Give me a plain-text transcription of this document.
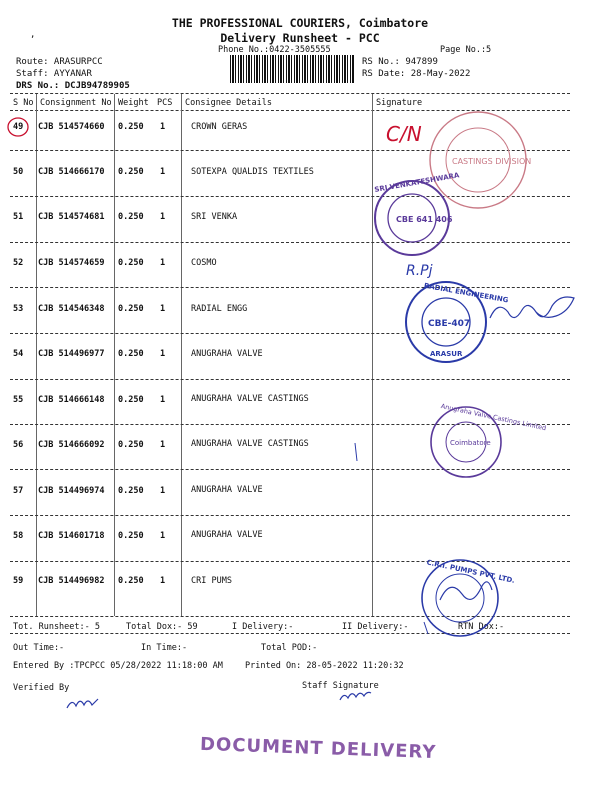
,
THE PROFESSIONAL COURIERS, Coimbatore
Delivery Runsheet - PCC
Phone No.:0422-3505555	Page No.:5
Route: ARASURPCC
Staff: AYYANAR
DRS No.: DCJB94789905
RS No.: 947899
RS Date: 28-May-2022
S No Consignment No Weight PCS Consignee Details	Signature
49 CJB 514574660 0.250 1	CROWN GERAS
50 CJB 514666170 0.250 1	SOTEXPA QUALDIS TEXTILES
51 CJB 514574681 0.250 1	SRI VENKA
52 CJB 514574659 0.250 1	COSMO
53 CJB 514546348 0.250 1	RADIAL ENGG
54 CJB 514496977 0.250 1	ANUGRAHA VALVE
55 CJB 514666148 0.250 1	ANUGRAHA VALVE CASTINGS
56 CJB 514666092 0.250 1	ANUGRAHA VALVE CASTINGS
57 CJB 514496974 0.250 1	ANUGRAHA VALVE
58 CJB 514601718 0.250 1	ANUGRAHA VALVE
59 CJB 514496982 0.250 1	CRI PUMS
Tot. Runsheet:- 5	Total Dox:- 59	I Delivery:-	II Delivery:-	RTN Dox:-
Out Time:-	In Time:-	Total POD:-
Entered By :TPCPCC 05/28/2022 11:18:00 AM	Printed On: 28-05-2022 11:20:32
Verified By	Staff Signature
CASTINGS DIVISION
SRI VENKATESHWARA
CBE 641 406
RADIAL ENGINEERING
CBE-407
ARASUR
Anugraha Valve Castings Limited
Coimbatore
C.R.I. PUMPS PVT. LTD.
C/N
R.Pj
DOCUMENT DELIVERY
